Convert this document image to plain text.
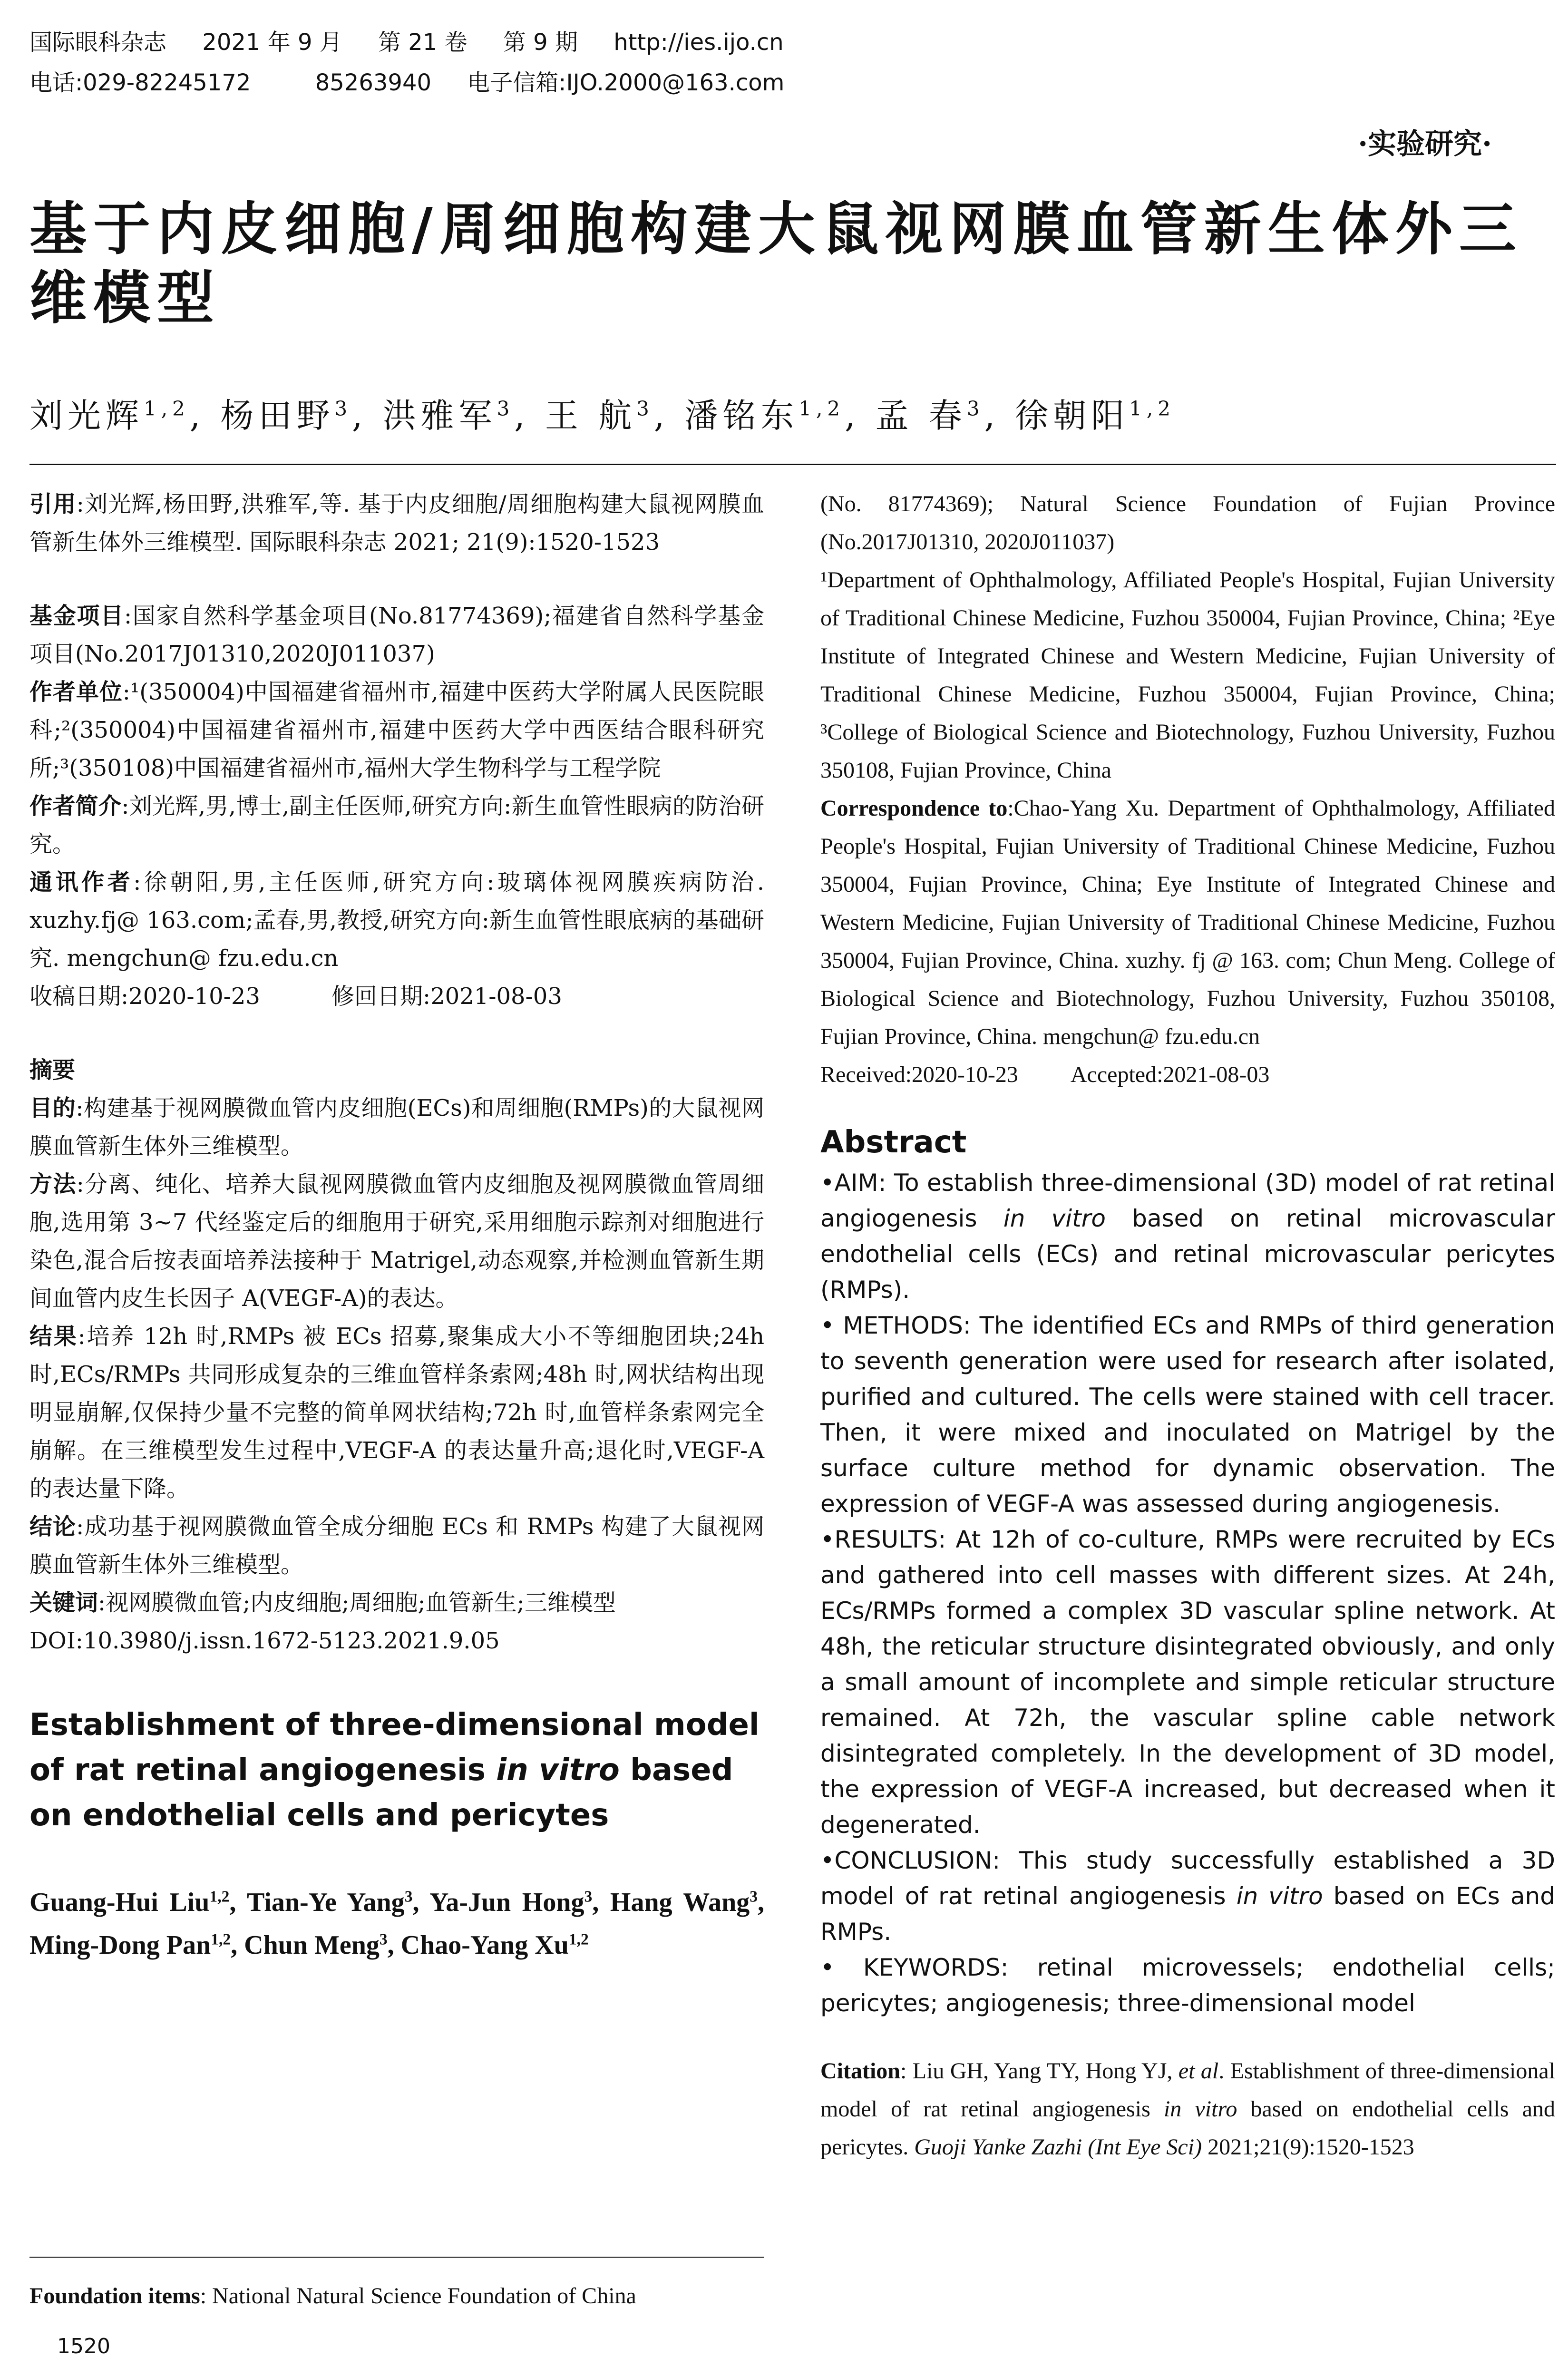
国际眼科杂志 2021 年 9 月 第 21 卷 第 9 期 http://ies.ijo.cn
电话:029-82245172	85263940 电子信箱:IJO.2000@163.com
·实验研究·
基于内皮细胞/周细胞构建大鼠视网膜血管新生体外三维模型
刘光辉$^{1,2}$, 杨田野$^3$, 洪雅军$^3$, 王 航$^3$, 潘铭东$^{1,2}$, 孟 春$^3$, 徐朝阳$^{1,2}$

引用:刘光辉,杨田野,洪雅军,等. 基于内皮细胞/周细胞构建大鼠视网膜血管新生体外三维模型. 国际眼科杂志 2021; 21(9):1520-1523

基金项目:国家自然科学基金项目(No.81774369);福建省自然科学基金项目(No.2017J01310,2020J011037)

作者单位:¹(350004)中国福建省福州市,福建中医药大学附属人民医院眼科;²(350004)中国福建省福州市,福建中医药大学中西医结合眼科研究所;³(350108)中国福建省福州市,福州大学生物科学与工程学院

作者简介:刘光辉,男,博士,副主任医师,研究方向:新生血管性眼病的防治研究。

通讯作者:徐朝阳,男,主任医师,研究方向:玻璃体视网膜疾病防治. xuzhy.fj@ 163.com;孟春,男,教授,研究方向:新生血管性眼底病的基础研究. mengchun@ fzu.edu.cn

收稿日期:2020-10-23	修回日期:2021-08-03

摘要

目的:构建基于视网膜微血管内皮细胞(ECs)和周细胞(RMPs)的大鼠视网膜血管新生体外三维模型。

方法:分离、纯化、培养大鼠视网膜微血管内皮细胞及视网膜微血管周细胞,选用第 3~7 代经鉴定后的细胞用于研究,采用细胞示踪剂对细胞进行染色,混合后按表面培养法接种于 Matrigel,动态观察,并检测血管新生期间血管内皮生长因子 A(VEGF-A)的表达。

结果:培养 12h 时,RMPs 被 ECs 招募,聚集成大小不等细胞团块;24h 时,ECs/RMPs 共同形成复杂的三维血管样条索网;48h 时,网状结构出现明显崩解,仅保持少量不完整的简单网状结构;72h 时,血管样条索网完全崩解。在三维模型发生过程中,VEGF-A 的表达量升高;退化时,VEGF-A 的表达量下降。

结论:成功基于视网膜微血管全成分细胞 ECs 和 RMPs 构建了大鼠视网膜血管新生体外三维模型。

关键词:视网膜微血管;内皮细胞;周细胞;血管新生;三维模型

DOI:10.3980/j.issn.1672-5123.2021.9.05

Establishment of three-dimensional model of rat retinal angiogenesis in vitro based on endothelial cells and pericytes

Guang-Hui Liu$^{1,2}$, Tian-Ye Yang$^3$, Ya-Jun Hong$^3$, Hang Wang$^3$, Ming-Dong Pan$^{1,2}$, Chun Meng$^3$, Chao-Yang Xu$^{1,2}$

Foundation items: National Natural Science Foundation of China

(No. 81774369); Natural Science Foundation of Fujian Province (No.2017J01310, 2020J011037)

¹Department of Ophthalmology, Affiliated People's Hospital, Fujian University of Traditional Chinese Medicine, Fuzhou 350004, Fujian Province, China; ²Eye Institute of Integrated Chinese and Western Medicine, Fujian University of Traditional Chinese Medicine, Fuzhou 350004, Fujian Province, China; ³College of Biological Science and Biotechnology, Fuzhou University, Fuzhou 350108, Fujian Province, China

Correspondence to:Chao-Yang Xu. Department of Ophthalmology, Affiliated People's Hospital, Fujian University of Traditional Chinese Medicine, Fuzhou 350004, Fujian Province, China; Eye Institute of Integrated Chinese and Western Medicine, Fujian University of Traditional Chinese Medicine, Fuzhou 350004, Fujian Province, China. xuzhy. fj @ 163. com; Chun Meng. College of Biological Science and Biotechnology, Fuzhou University, Fuzhou 350108, Fujian Province, China. mengchun@ fzu.edu.cn

Received:2020-10-23 Accepted:2021-08-03

Abstract

•AIM: To establish three-dimensional (3D) model of rat retinal angiogenesis in vitro based on retinal microvascular endothelial cells (ECs) and retinal microvascular pericytes (RMPs).

• METHODS: The identified ECs and RMPs of third generation to seventh generation were used for research after isolated, purified and cultured. The cells were stained with cell tracer. Then, it were mixed and inoculated on Matrigel by the surface culture method for dynamic observation. The expression of VEGF-A was assessed during angiogenesis.

•RESULTS: At 12h of co-culture, RMPs were recruited by ECs and gathered into cell masses with different sizes. At 24h, ECs/RMPs formed a complex 3D vascular spline network. At 48h, the reticular structure disintegrated obviously, and only a small amount of incomplete and simple reticular structure remained. At 72h, the vascular spline cable network disintegrated completely. In the development of 3D model, the expression of VEGF-A increased, but decreased when it degenerated.

•CONCLUSION: This study successfully established a 3D model of rat retinal angiogenesis in vitro based on ECs and RMPs.

• KEYWORDS: retinal microvessels; endothelial cells; pericytes; angiogenesis; three-dimensional model

Citation: Liu GH, Yang TY, Hong YJ, et al. Establishment of three-dimensional model of rat retinal angiogenesis in vitro based on endothelial cells and pericytes. Guoji Yanke Zazhi (Int Eye Sci) 2021;21(9):1520-1523

1520
